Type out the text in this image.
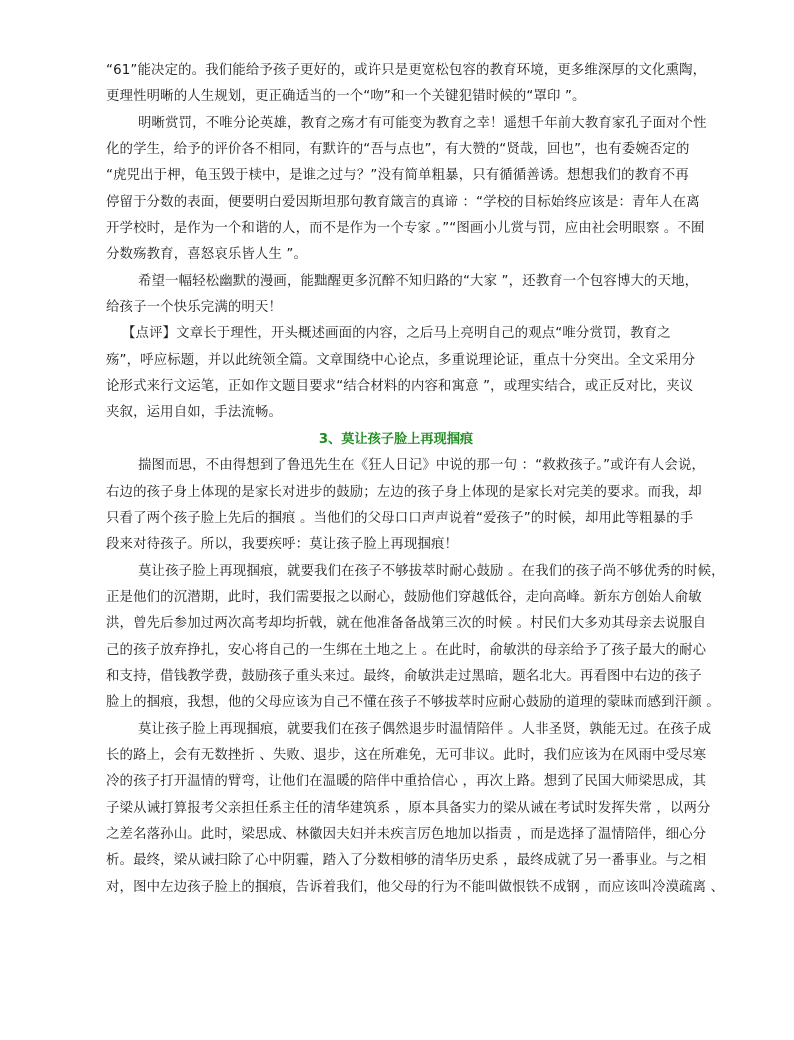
“61”能决定的。我们能给予孩子更好的，或许只是更宽松包容的教育环境，更多维深厚的文化熏陶，
更理性明晰的人生规划，更正确适当的一个“吻”和一个关键犯错时候的“罩印 ”。
明晰赏罚，不唯分论英雄，教育之殇才有可能变为教育之幸！遥想千年前大教育家孔子面对个性
化的学生，给予的评价各不相同，有默许的“吾与点也”，有大赞的“贤哉，回也”，也有委婉否定的
“虎兕出于柙，龟玉毁于椟中，是谁之过与？”没有简单粗暴，只有循循善诱。想想我们的教育不再
停留于分数的表面，便要明白爱因斯坦那句教育箴言的真谛 ：“学校的目标始终应该是：青年人在离
开学校时，是作为一个和谐的人，而不是作为一个专家 。”“图画小儿赏与罚，应由社会明眼察 。不囿
分数殇教育，喜怒哀乐皆人生 ”。
希望一幅轻松幽默的漫画，能黜醒更多沉醉不知归路的“大家 ”，还教育一个包容博大的天地，
给孩子一个快乐完满的明天！
【点评】文章长于理性，开头概述画面的内容，之后马上亮明自己的观点“唯分赏罚，教育之
殇”，呼应标题，并以此统领全篇。文章围绕中心论点，多重说理论证，重点十分突出。全文采用分
论形式来行文运笔，正如作文题目要求“结合材料的内容和寓意 ”，或理实结合，或正反对比，夹议
夹叙，运用自如，手法流畅。
3、莫让孩子脸上再现掴痕
揣图而思，不由得想到了鲁迅先生在《狂人日记》中说的那一句 ：“救救孩子。”或许有人会说，
右边的孩子身上体现的是家长对进步的鼓励；左边的孩子身上体现的是家长对完美的要求。而我，却
只看了两个孩子脸上先后的掴痕 。当他们的父母口口声声说着“爱孩子”的时候，却用此等粗暴的手
段来对待孩子。所以，我要疾呼：莫让孩子脸上再现掴痕！
莫让孩子脸上再现掴痕，就要我们在孩子不够拔萃时耐心鼓励 。在我们的孩子尚不够优秀的时候，
正是他们的沉潜期，此时，我们需要报之以耐心，鼓励他们穿越低谷，走向高峰。新东方创始人俞敏
洪，曾先后参加过两次高考却均折戟，就在他准备备战第三次的时候 。村民们大多劝其母亲去说服自
己的孩子放弃挣扎，安心将自己的一生绑在土地之上 。在此时，俞敏洪的母亲给予了孩子最大的耐心
和支持，借钱教学费，鼓励孩子重头来过。最终，俞敏洪走过黑暗，题名北大。再看图中右边的孩子
脸上的掴痕，我想，他的父母应该为自己不懂在孩子不够拔萃时应耐心鼓励的道理的蒙昧而感到汗颜 。
莫让孩子脸上再现掴痕，就要我们在孩子偶然退步时温情陪伴 。人非圣贤，孰能无过。在孩子成
长的路上，会有无数挫折 、失败、退步，这在所难免，无可非议。此时，我们应该为在风雨中受尽寒
冷的孩子打开温情的臂弯，让他们在温暖的陪伴中重拾信心 ，再次上路。想到了民国大师梁思成，其
子梁从诫打算报考父亲担任系主任的清华建筑系 ，原本具备实力的梁从诫在考试时发挥失常 ，以两分
之差名落孙山。此时，梁思成、林徽因夫妇并未疾言厉色地加以指责 ，而是选择了温情陪伴，细心分
析。最终，梁从诫扫除了心中阴霾，踏入了分数相够的清华历史系 ，最终成就了另一番事业。与之相
对，图中左边孩子脸上的掴痕，告诉着我们，他父母的行为不能叫做恨铁不成钢 ，而应该叫冷漠疏离 、
